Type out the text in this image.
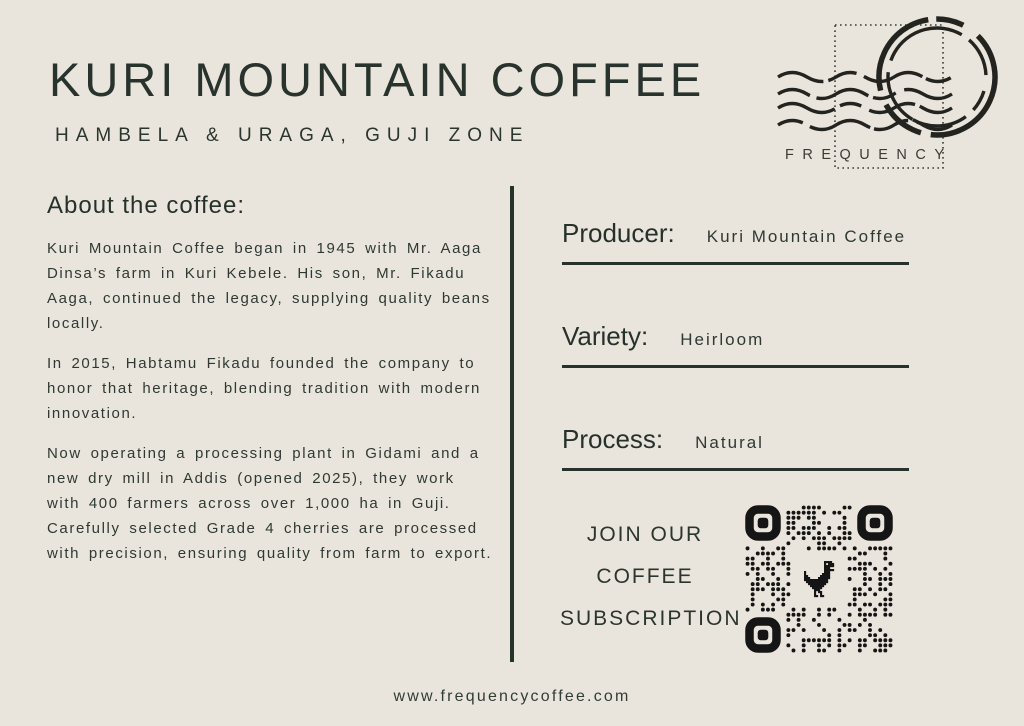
KURI MOUNTAIN COFFEE
HAMBELA & URAGA, GUJI ZONE
FREQUENCY
About the coffee:

Kuri Mountain Coffee began in 1945 with Mr. Aaga Dinsa’s farm in Kuri Kebele. His son, Mr. Fikadu Aaga, continued the legacy, supplying quality beans locally.

In 2015, Habtamu Fikadu founded the company to honor that heritage, blending tradition with modern innovation.

Now operating a processing plant in Gidami and a new dry mill in Addis (opened 2025), they work with 400 farmers across over 1,000 ha in Guji. Carefully selected Grade 4 cherries are processed with precision, ensuring quality from farm to export.

Producer: Kuri Mountain Coffee
Variety: Heirloom
Process: Natural
JOIN OUR
COFFEE
SUBSCRIPTION
www.frequencycoffee.com
